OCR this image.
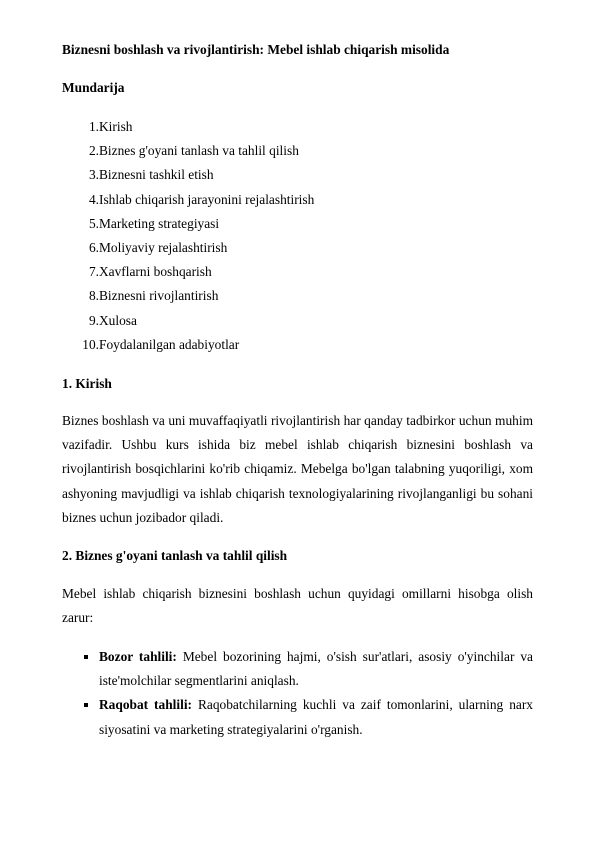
Biznesni boshlash va rivojlantirish: Mebel ishlab chiqarish misolida
Mundarija
1.Kirish
2.Biznes g'oyani tanlash va tahlil qilish
3.Biznesni tashkil etish
4.Ishlab chiqarish jarayonini rejalashtirish
5.Marketing strategiyasi
6.Moliyaviy rejalashtirish
7.Xavflarni boshqarish
8.Biznesni rivojlantirish
9.Xulosa
10.Foydalanilgan adabiyotlar
1. Kirish

Biznes boshlash va uni muvaffaqiyatli rivojlantirish har qanday tadbirkor uchun muhim vazifadir. Ushbu kurs ishida biz mebel ishlab chiqarish biznesini boshlash va rivojlantirish bosqichlarini ko'rib chiqamiz. Mebelga bo'lgan talabning yuqoriligi, xom ashyoning mavjudligi va ishlab chiqarish texnologiyalarining rivojlanganligi bu sohani biznes uchun jozibador qiladi.

2. Biznes g'oyani tanlash va tahlil qilish

Mebel ishlab chiqarish biznesini boshlash uchun quyidagi omillarni hisobga olish zarur:

Bozor tahlili: Mebel bozorining hajmi, o'sish sur'atlari, asosiy o'yinchilar va iste'molchilar segmentlarini aniqlash.
Raqobat tahlili: Raqobatchilarning kuchli va zaif tomonlarini, ularning narx siyosatini va marketing strategiyalarini o'rganish.
